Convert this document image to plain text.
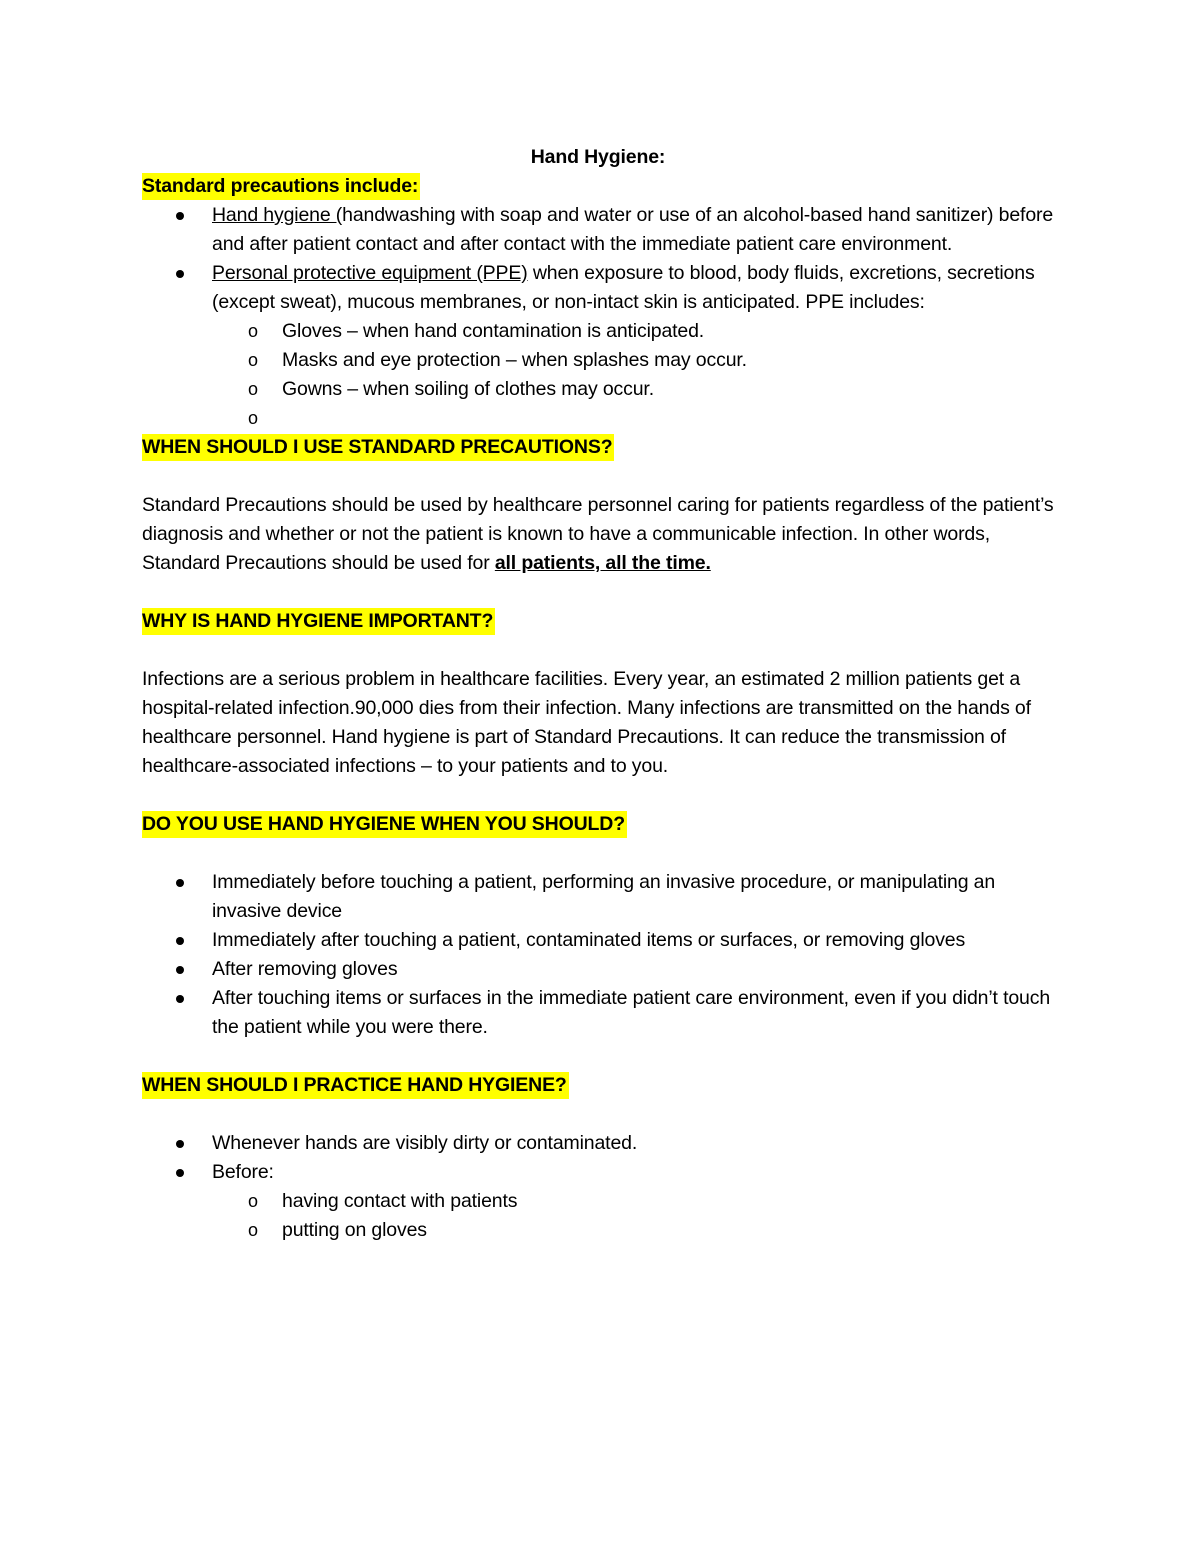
Hand Hygiene:
Standard precautions include:
Hand hygiene (handwashing with soap and water or use of an alcohol-based hand sanitizer) before and after patient contact and after contact with the immediate patient care environment.
Personal protective equipment (PPE) when exposure to blood, body fluids, excretions, secretions (except sweat), mucous membranes, or non-intact skin is anticipated. PPE includes:
o Gloves – when hand contamination is anticipated.
o Masks and eye protection – when splashes may occur.
o Gowns – when soiling of clothes may occur.
o
WHEN SHOULD I USE STANDARD PRECAUTIONS?

Standard Precautions should be used by healthcare personnel caring for patients regardless of the patient’s diagnosis and whether or not the patient is known to have a communicable infection. In other words, Standard Precautions should be used for all patients, all the time.

WHY IS HAND HYGIENE IMPORTANT?

Infections are a serious problem in healthcare facilities. Every year, an estimated 2 million patients get a hospital-related infection.90,000 dies from their infection. Many infections are transmitted on the hands of healthcare personnel. Hand hygiene is part of Standard Precautions. It can reduce the transmission of healthcare-associated infections – to your patients and to you.

DO YOU USE HAND HYGIENE WHEN YOU SHOULD?
Immediately before touching a patient, performing an invasive procedure, or manipulating an invasive device
Immediately after touching a patient, contaminated items or surfaces, or removing gloves
After removing gloves
After touching items or surfaces in the immediate patient care environment, even if you didn’t touch the patient while you were there.
WHEN SHOULD I PRACTICE HAND HYGIENE?
Whenever hands are visibly dirty or contaminated.
Before:
o having contact with patients
o putting on gloves
